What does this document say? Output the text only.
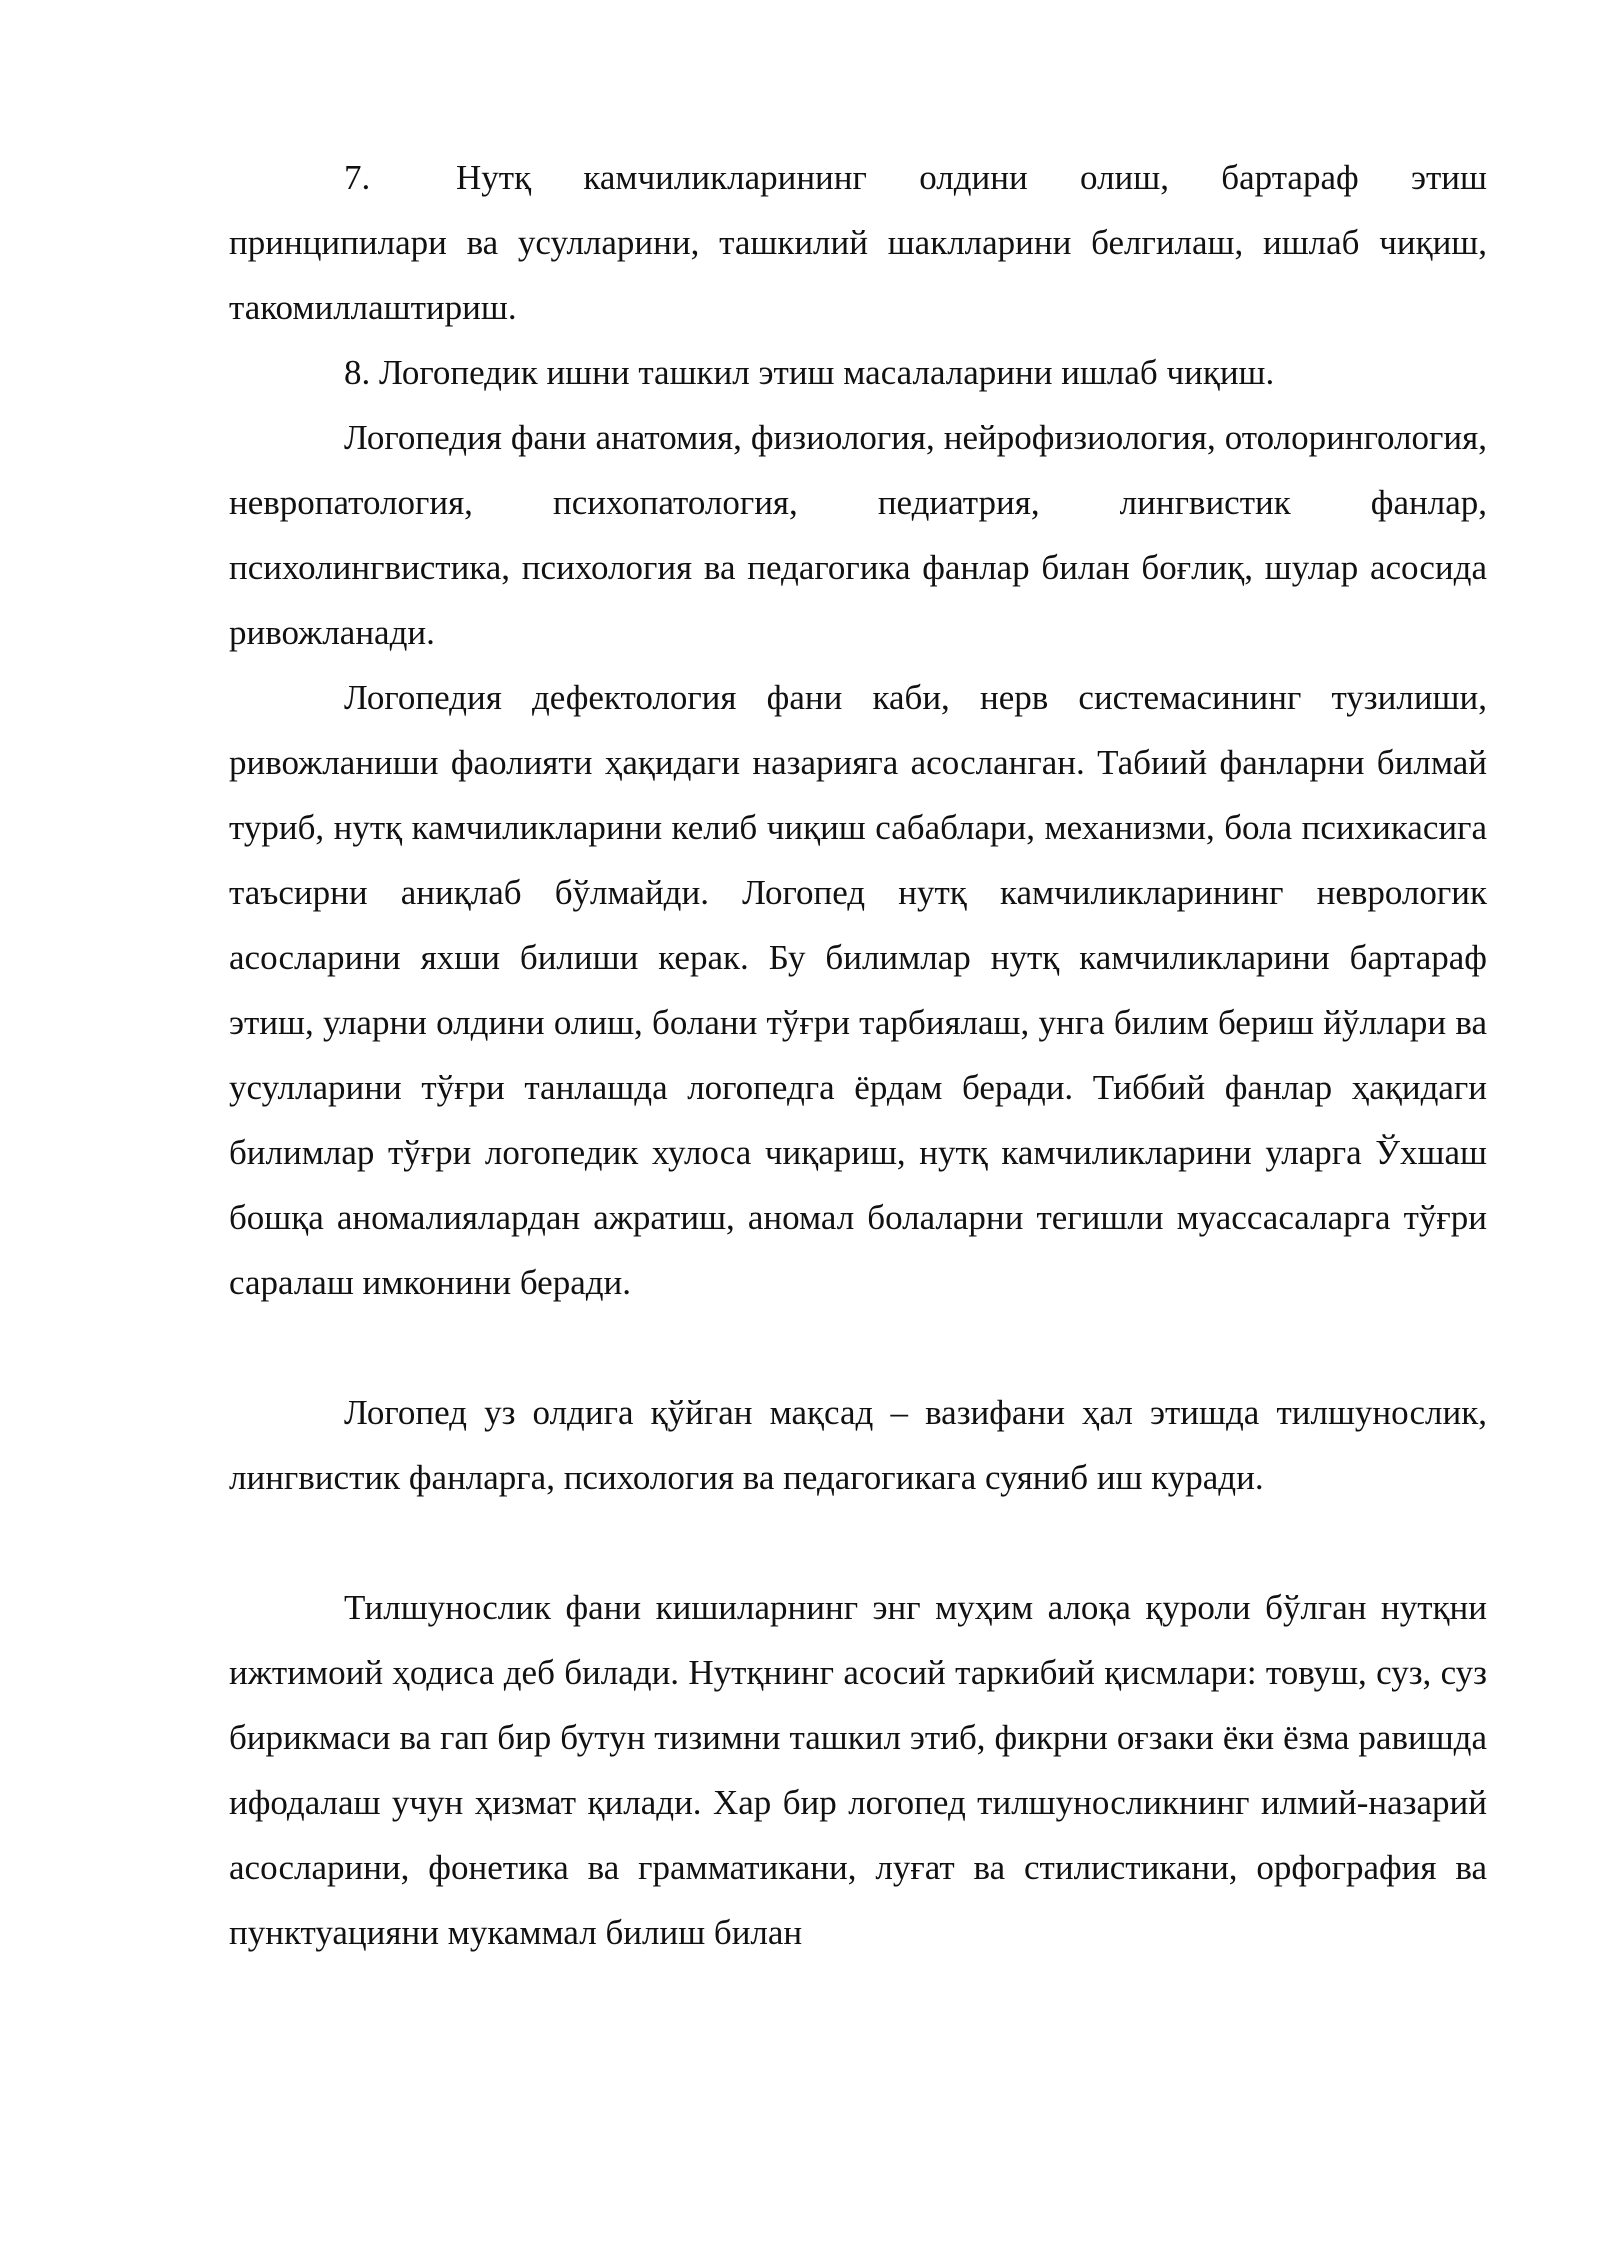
7. Нутқ камчиликларининг олдини олиш, бартараф этиш принципилари ва усулларини, ташкилий шаклларини белгилаш, ишлаб чиқиш, такомиллаштириш.

8. Логопедик ишни ташкил этиш масалаларини ишлаб чиқиш.

Логопедия фани анатомия, физиология, нейрофизиология, отолорингология, невропатология, психопатология, педиатрия, лингвистик фанлар, психолингвистика, психология ва педагогика фанлар билан боғлиқ, шулар асосида ривожланади.

Логопедия дефектология фани каби, нерв системасининг тузилиши, ривожланиши фаолияти ҳақидаги назарияга асосланган. Табиий фанларни билмай туриб, нутқ камчиликларини келиб чиқиш сабаблари, механизми, бола психикасига таъсирни аниқлаб бўлмайди. Логопед нутқ камчиликларининг неврологик асосларини яхши билиши керак. Бу билимлар нутқ камчиликларини бартараф этиш, уларни олдини олиш, болани тўғри тарбиялаш, унга билим бериш йўллари ва усулларини тўғри танлашда логопедга ёрдам беради. Тиббий фанлар ҳақидаги билимлар тўғри логопедик хулоса чиқариш, нутқ камчиликларини уларга Ўхшаш бошқа аномалиялардан ажратиш, аномал болаларни тегишли муассасаларга тўғри саралаш имконини беради.

Логопед уз олдига қўйган мақсад – вазифани ҳал этишда тилшунослик, лингвистик фанларга, психология ва педагогикага суяниб иш куради.

Тилшунослик фани кишиларнинг энг муҳим алоқа қуроли бўлган нутқни ижтимоий ҳодиса деб билади. Нутқнинг асосий таркибий қисмлари: товуш, суз, суз бирикмаси ва гап бир бутун тизимни ташкил этиб, фикрни оғзаки ёки ёзма равишда ифодалаш учун ҳизмат қилади. Хар бир логопед тилшуносликнинг илмий-назарий асосларини, фонетика ва грамматикани, луғат ва стилистикани, орфография ва пунктуацияни мукаммал билиш билан
